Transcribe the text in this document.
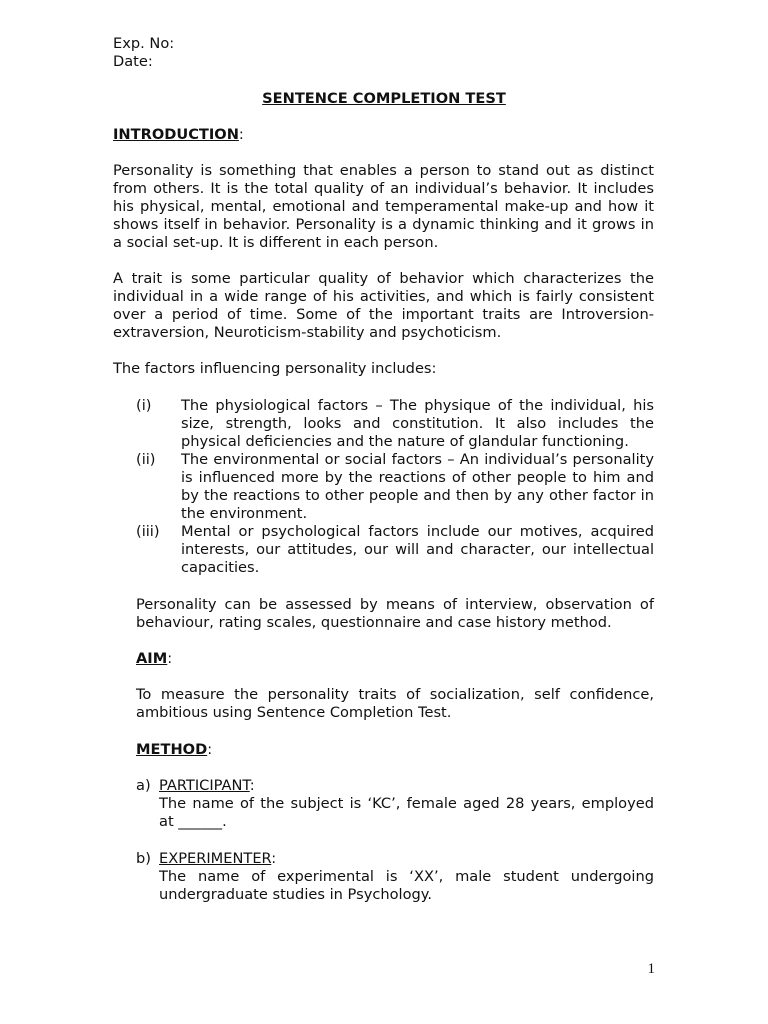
Exp. No:
Date:
SENTENCE COMPLETION TEST
INTRODUCTION:
Personality is something that enables a person to stand out as distinct from others. It is the total quality of an individual’s behavior. It includes his physical, mental, emotional and temperamental make-up and how it shows itself in behavior. Personality is a dynamic thinking and it grows in a social set-up. It is different in each person.
A trait is some particular quality of behavior which characterizes the individual in a wide range of his activities, and which is fairly consistent over a period of time. Some of the important traits are Introversion-extraversion, Neuroticism-stability and psychoticism.
The factors influencing personality includes:
(i)	The physiological factors – The physique of the individual, his size, strength, looks and constitution. It also includes the physical deficiencies and the nature of glandular functioning.
(ii)	The environmental or social factors – An individual’s personality is influenced more by the reactions of other people to him and by the reactions to other people and then by any other factor in the environment.
(iii)	Mental or psychological factors include our motives, acquired interests, our attitudes, our will and character, our intellectual capacities.
Personality can be assessed by means of interview, observation of behaviour, rating scales, questionnaire and case history method.
AIM:
To measure the personality traits of socialization, self confidence, ambitious using Sentence Completion Test.
METHOD:
a) PARTICIPANT:
The name of the subject is ‘KC’, female aged 28 years, employed at ______.
b) EXPERIMENTER:
The name of experimental is ‘XX’, male student undergoing undergraduate studies in Psychology.
1
